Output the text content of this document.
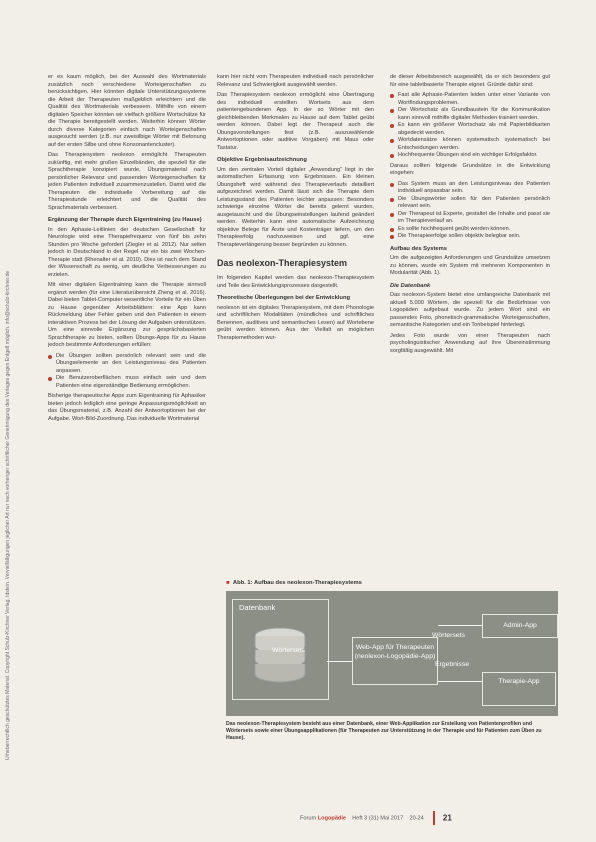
Urheberrechtlich geschütztes Material. Copyright Schulz-Kirchner Verlag, Idstein. Vervielfältigungen jeglicher Art nur nach vorheriger schriftlicher Genehmigung des Verlages gegen Entgelt möglich. info@schulz-kirchner.de

er es kaum möglich, bei der Auswahl des Wortmaterials zusätzlich noch verschiedene Worteigenschaften zu berücksichtigen. Hier könnten digitale Unterstützungssysteme die Arbeit der Therapeuten maßgeblich erleichtern und die Qualität des Wortmaterials verbessern. Mithilfe von einem digitalen Speicher könnten wir vielfach größere Wortschätze für die Therapie bereitgestellt werden. Weiterhin können Wörter durch diverse Kategorien einfach nach Worteigenschaften ausgesucht werden (z.B. nur zweisilbige Wörter mit Betonung auf der ersten Silbe und ohne Konsonantencluster).

Das Therapiesystem neolexon ermöglicht Therapeuten zukünftig, mit mehr großen Einzelbänden, die speziell für die Sprachtherapie konzipiert wurde, Übungsmaterial nach persönlicher Relevanz und passenden Worteigenschaften für jeden Patienten individuell zusammenzustellen. Damit wird die Therapeuten die individuelle Vorbereitung auf die Therapiestunde erleichtert und die Qualität des Sprachmaterials verbessert.

Ergänzung der Therapie durch Eigentraining (zu Hause)

In den Aphasie-Leitlinien der deutschen Gesellschaft für Neurologie wird eine Therapiefrequenz von fünf bis zehn Stunden pro Woche gefordert (Ziegler et al. 2012). Nur selten jedoch in Deutschland in der Regel nur ein bis zwei Wochen-Therapie statt (Rhenalter et al. 2010). Dies ist nach dem Stand der Wissenschaft zu wenig, um deutliche Verbesserungen zu erzielen.

Mit einer digitalen Eigentraining kann die Therapie sinnvoll ergänzt werden (für eine Literaturübersicht Zheng et al. 2016). Dabei bieten Tablet-Computer wesentliche Vorteile für ein Üben zu Hause gegenüber Arbeitsblättern: eine App kann Rückmeldung über Fehler geben und den Patienten in einem interaktiven Prozess bei der Lösung der Aufgaben unterstützen. Um eine sinnvolle Ergänzung zur gesprächsbasierten Sprachtherapie zu bieten, sollten Übungs-Apps für zu Hause jedoch bestimmte Anforderungen erfüllen:

Die Übungen sollten persönlich relevant sein und die Übungselemente an den Leistungsniveau des Patienten anpassen.
Die Benutzeroberflächen muss einfach sein und dem Patienten eine eigenständige Bedienung ermöglichen.

Bisherige therapeutische Apps zum Eigentraining für Aphasiker bieten jedoch lediglich eine geringe Anpassungsmöglichkeit an das Übungsmaterial, z.B. Anzahl der Antwortoptionen bei der Aufgabe. Wort-Bild-Zuordnung. Das individuelle Wortmaterial

kann hier nicht vom Therapeuten individuell nach persönlicher Relevanz und Schwierigkeit ausgewählt werden.

Das Therapiesystem neolexon ermöglicht eine Übertragung des individuell erstellten Wortsets aus dem patientengebundenen App. In der so Wörter mit den gleichbleibenden Merkmalen zu Hause auf dem Tablet geübt werden können. Dabei legt der Therapeut auch die Übungsvorstellungen fest (z.B. auszuwählende Antwortoptionen oder auditive Vorgaben) mit Maus oder Tastatur.

Objektive Ergebnisaufzeichnung

Um den zentralen Vorteil digitaler „Anwendung“ liegt in der automatischen Erfassung von Ergebnissen. Ein kleinen Übungsheft wird während des Therapieverlaufs detailliert aufgezeichnet werden. Damit lässt sich die Therapie dem Leistungsstand des Patienten leichter anpassen: Besonders schwierige einzelne Wörter die bereits gelernt wurden, ausgetauscht und die Übungseinstellungen laufend geändert werden. Weiterhin kann eine automatische Aufzeichnung objektive Belege für Ärzte und Kostenträger liefern, um den Therapieerfolg nachzuweisen und ggf. eine Therapieverlängerung besser begründen zu können.

Das neolexon-Therapiesystem

Im folgenden Kapitel werden das neolexon-Therapiesystem und Teile des Entwicklungsprozesses dargestellt.

Theoretische Überlegungen bei der Entwicklung

neolexon ist ein digitales Therapiesystem, mit dem Phonologie und schriftlichen Modalitäten (mündliches und schriftliches Benennen, auditives und semantisches Lesen) auf Wortebene geübt werden können. Aus der Vielfalt an möglichen Therapiemethoden wur-

de dieser Arbeitsbereich ausgewählt, da er sich besonders gut für eine tabletbasierte Therapie eignet. Gründe dafür sind:

Fast alle Aphasie-Patienten leiden unter einer Variante von Wortfindungsproblemen.
Der Wortschatz als Grundbaustein für die Kommunikation kann sinnvoll mithilfe digitaler Methoden trainiert werden.
Es kann ein größerer Wortschatz als mit Papierbildkarten abgedeckt werden.
Wortdatensätze können systematisch systematisch bei Entscheidungen werden.
Hochfrequente Übungen sind ein wichtiger Erfolgsfaktor.

Daraus sollten folgende Grundsätze in die Entwicklung eingehen:

Das System muss an den Leistungsniveau des Patienten individuell anpassbar sein.
Die Übungswörter sollen für den Patienten persönlich relevant sein.
Der Therapeut ist Experte, gestaltet die Inhalte und passt sie im Therapieverlauf an.
Es sollte hochfrequent geübt werden können.
Die Therapieerfolge sollen objektiv belegbar sein.
Aufbau des Systems

Um die aufgezeigten Anforderungen und Grundsätze umsetzen zu können, wurde ein System mit mehreren Komponenten in Modularität (Abb. 1).

Die Datenbank

Das neolexon-System bietet eine umfangreiche Datenbank mit aktuell 5.000 Wörtern, die speziell für die Bedürfnisse von Logopäden aufgebaut wurde. Zu jedem Wort sind ein passendes Foto, phonetisch-grammatische Worteigenschaften, semantische Kategorien und ein Tonbeispiel hinterlegt.

Jedes Foto wurde von einer Therapeuten nach psycholinguistischer Anwendung auf ihre Übereinstimmung sorgfältig ausgewählt. Mit

■ Abb. 1: Aufbau des neolexon-Therapiesystems
Datenbank
Wörtersets	Web-App für Therapeuten (neolexon-Logopädie-App)
Wörtersets
Ergebnisse
Admin-App
Therapie-App
Das neolexon-Therapiesystem besteht aus einer Datenbank, einer Web-Applikation zur Erstellung von Patientenprofilen und Wörtersets sowie einer Übungsapplikationen (für Therapeuten zur Unterstützung in der Therapie und für Patienten zum Üben zu Hause).
Forum Logopädie Heft 3 (31) Mai 2017 20-24 21
